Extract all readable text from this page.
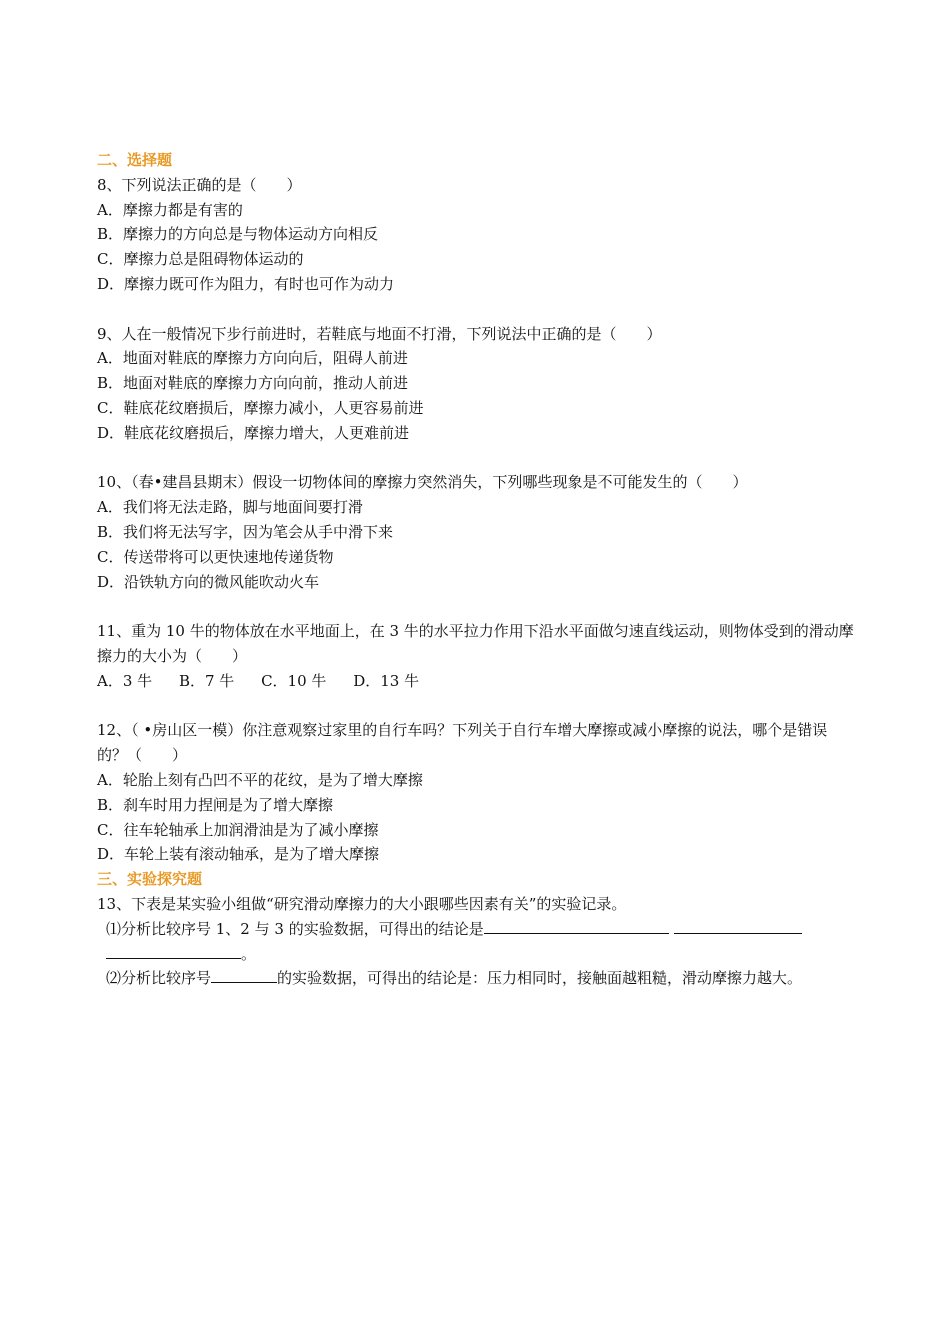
二、选择题
8、下列说法正确的是（　　）
A．摩擦力都是有害的
B．摩擦力的方向总是与物体运动方向相反
C．摩擦力总是阻碍物体运动的
D．摩擦力既可作为阻力，有时也可作为动力
9、人在一般情况下步行前进时，若鞋底与地面不打滑，下列说法中正确的是（　　）
A．地面对鞋底的摩擦力方向向后，阻碍人前进
B．地面对鞋底的摩擦力方向向前，推动人前进
C．鞋底花纹磨损后，摩擦力减小，人更容易前进
D．鞋底花纹磨损后，摩擦力增大，人更难前进
10、（春•建昌县期末）假设一切物体间的摩擦力突然消失，下列哪些现象是不可能发生的（　　）
A．我们将无法走路，脚与地面间要打滑
B．我们将无法写字，因为笔会从手中滑下来
C．传送带将可以更快速地传递货物
D．沿铁轨方向的微风能吹动火车
11、重为 10 牛的物体放在水平地面上，在 3 牛的水平拉力作用下沿水平面做匀速直线运动，则物体受到的滑动摩擦力的大小为（　　）
A．3 牛 B．7 牛 C．10 牛 D．13 牛
12、（ •房山区一模）你注意观察过家里的自行车吗？下列关于自行车增大摩擦或减小摩擦的说法，哪个是错误的？（　　）
A．轮胎上刻有凸凹不平的花纹，是为了增大摩擦
B．刹车时用力捏闸是为了增大摩擦
C．往车轮轴承上加润滑油是为了减小摩擦
D．车轮上装有滚动轴承，是为了增大摩擦
三、实验探究题
13、下表是某实验小组做“研究滑动摩擦力的大小跟哪些因素有关”的实验记录。
⑴分析比较序号 1、2 与 3 的实验数据，可得出的结论是
。
⑵分析比较序号	的实验数据，可得出的结论是：压力相同时，接触面越粗糙，滑动摩擦力越大。
